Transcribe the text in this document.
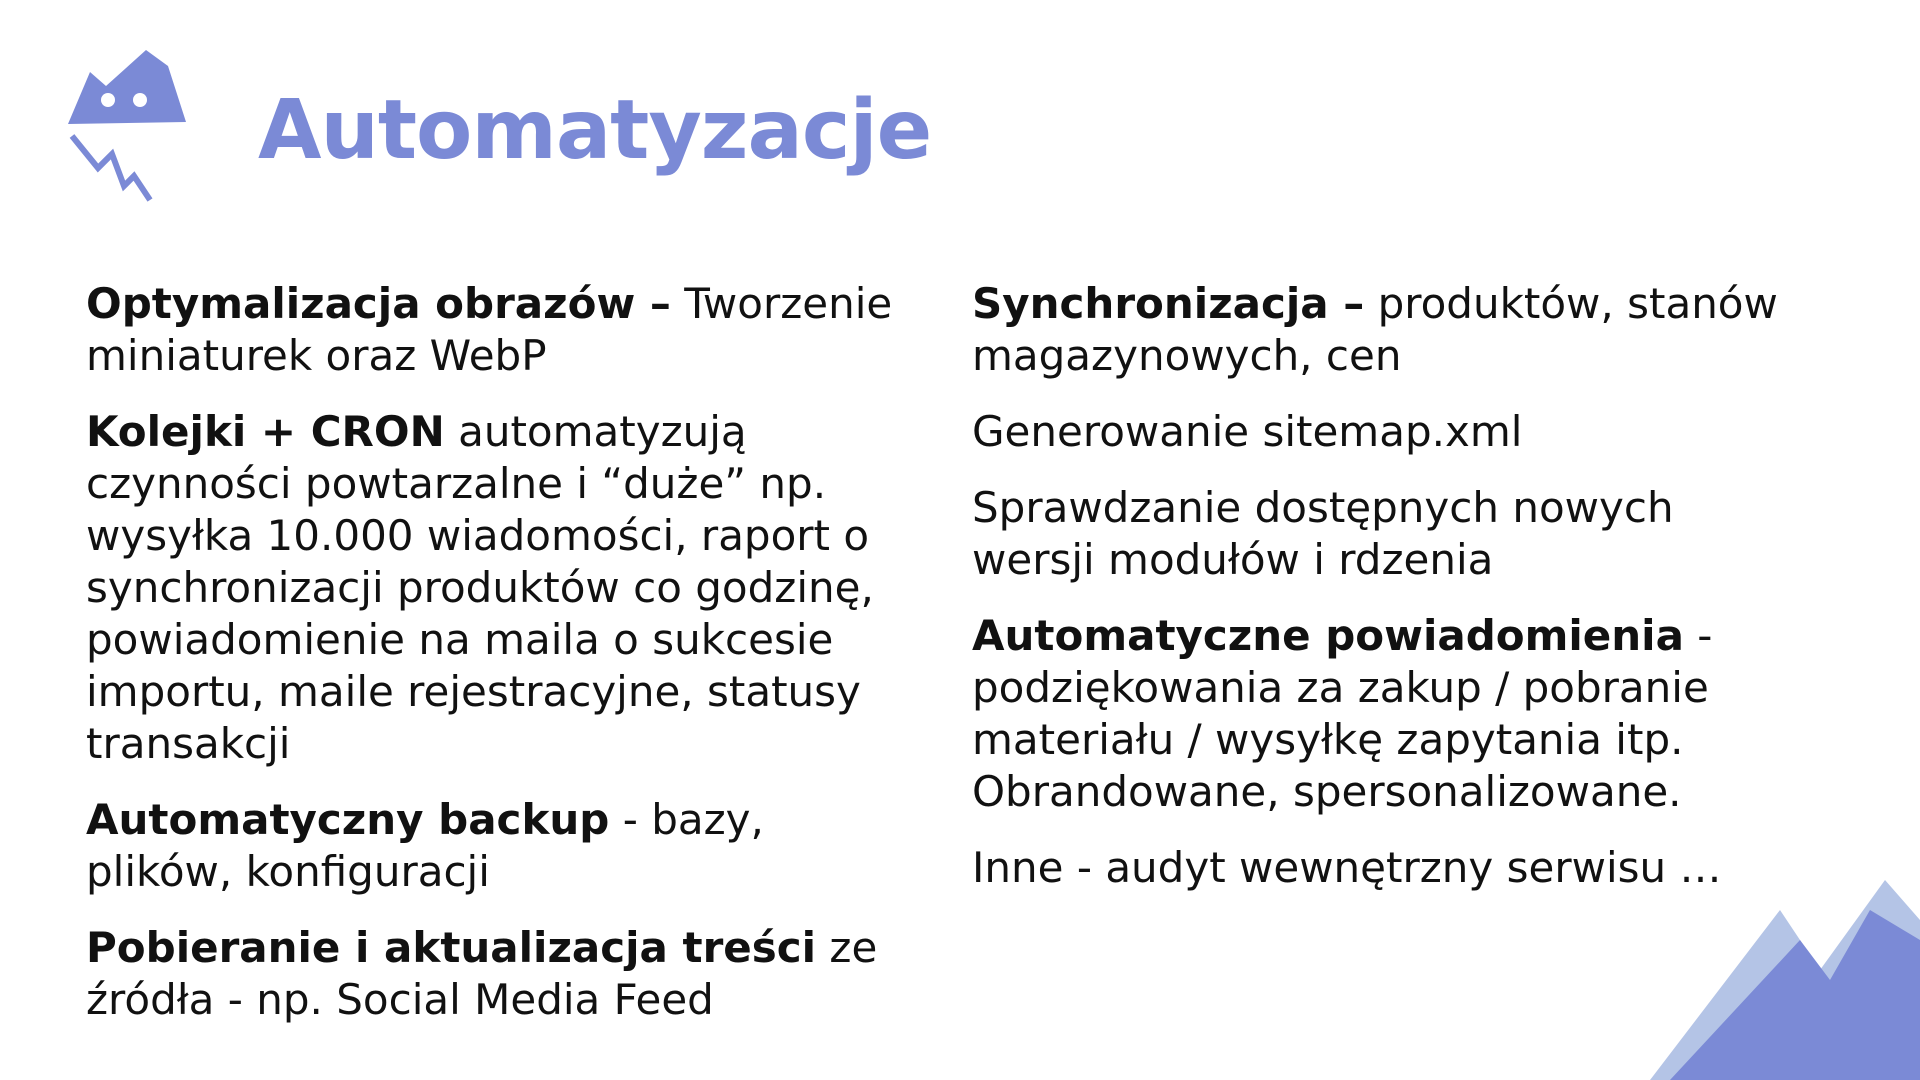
Automatyzacje

Optymalizacja obrazów – Tworzenie miniaturek oraz WebP

Kolejki + CRON automatyzują czynności powtarzalne i “duże” np. wysyłka 10.000 wiadomości, raport o synchronizacji produktów co godzinę, powiadomienie na maila o sukcesie importu, maile rejestracyjne, statusy transakcji

Automatyczny backup - bazy, plików, konfiguracji

Pobieranie i aktualizacja treści ze źródła - np. Social Media Feed

Synchronizacja – produktów, stanów magazynowych, cen

Generowanie sitemap.xml

Sprawdzanie dostępnych nowych wersji modułów i rdzenia

Automatyczne powiadomienia - podziękowania za zakup / pobranie materiału / wysyłkę zapytania itp. Obrandowane, spersonalizowane.

Inne - audyt wewnętrzny serwisu …
